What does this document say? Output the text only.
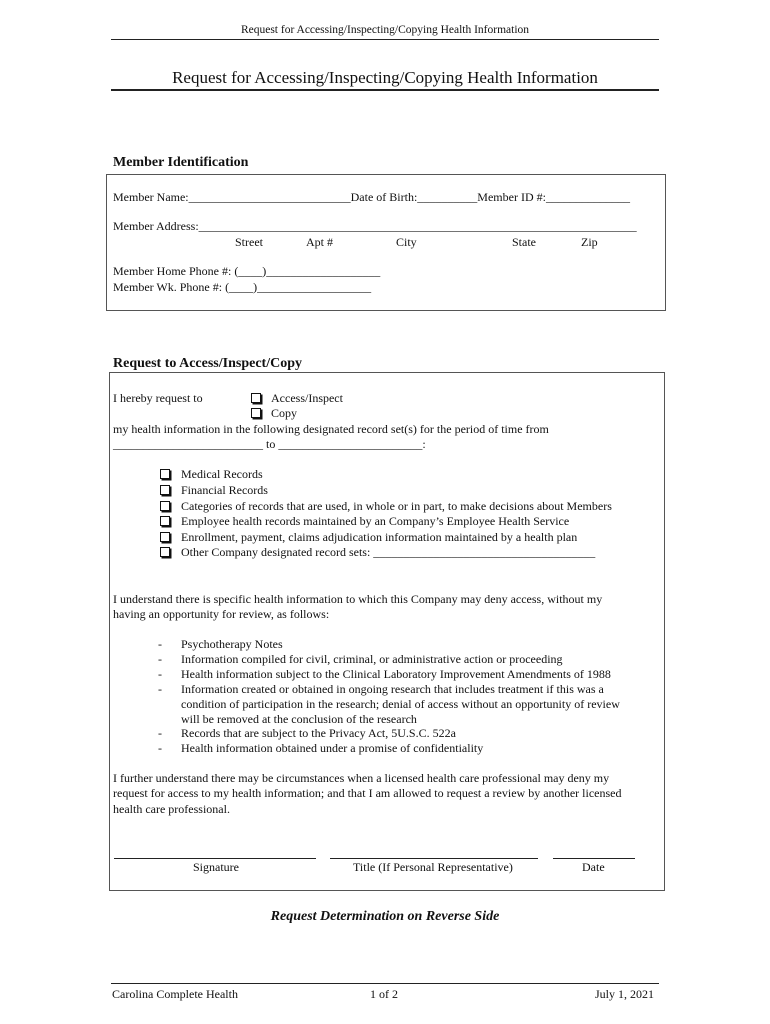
Request for Accessing/Inspecting/Copying Health Information
Request for Accessing/Inspecting/Copying Health Information
Member Identification
Member Name:___________________________Date of Birth:__________Member ID #:______________
Member Address:_________________________________________________________________________
Street	Apt #	City	State	Zip
Member Home Phone #: (____)___________________
Member Wk. Phone #: (____)___________________
Request to Access/Inspect/Copy
I hereby request to	Access/Inspect
Copy
my health information in the following designated record set(s) for the period of time from
_________________________ to ________________________:
Medical Records
Financial Records
Categories of records that are used, in whole or in part, to make decisions about Members
Employee health records maintained by an Company’s Employee Health Service
Enrollment, payment, claims adjudication information maintained by a health plan
Other Company designated record sets: _____________________________________
I understand there is specific health information to which this Company may deny access, without my
having an opportunity for review, as follows:
- Psychotherapy Notes
- Information compiled for civil, criminal, or administrative action or proceeding
- Health information subject to the Clinical Laboratory Improvement Amendments of 1988
- Information created or obtained in ongoing research that includes treatment if this was a
condition of participation in the research; denial of access without an opportunity of review
will be removed at the conclusion of the research
- Records that are subject to the Privacy Act, 5U.S.C. 522a
- Health information obtained under a promise of confidentiality
I further understand there may be circumstances when a licensed health care professional may deny my
request for access to my health information; and that I am allowed to request a review by another licensed
health care professional.
Signature	Title (If Personal Representative)	Date
Request Determination on Reverse Side
Carolina Complete Health	1 of 2	July 1, 2021
